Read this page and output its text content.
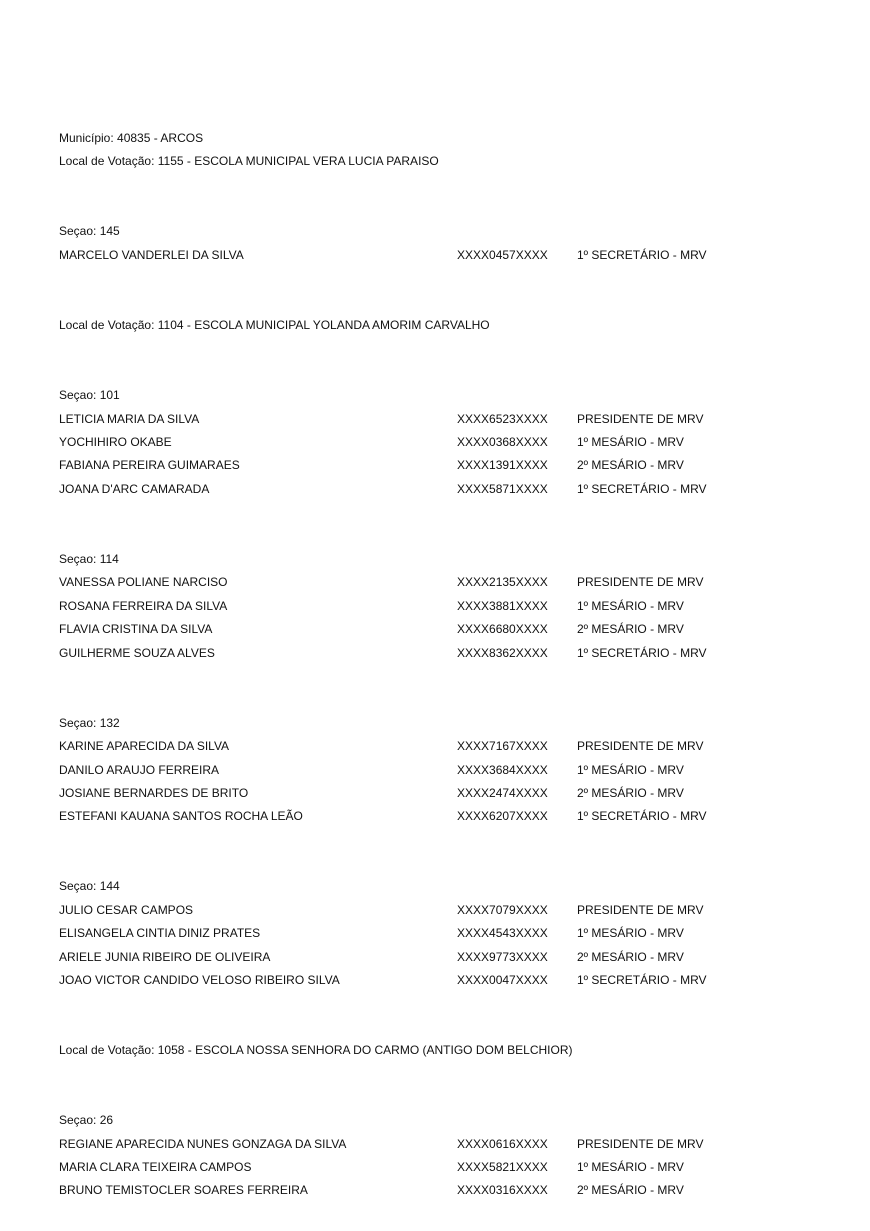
Município: 40835 - ARCOS
Local de Votação: 1155 - ESCOLA MUNICIPAL VERA LUCIA PARAISO
Seçao: 145
MARCELO VANDERLEI DA SILVA	XXXX0457XXXX 1º SECRETÁRIO - MRV
Local de Votação: 1104 - ESCOLA MUNICIPAL YOLANDA AMORIM CARVALHO
Seçao: 101
LETICIA MARIA DA SILVA	XXXX6523XXXX PRESIDENTE DE MRV
YOCHIHIRO OKABE	XXXX0368XXXX 1º MESÁRIO - MRV
FABIANA PEREIRA GUIMARAES	XXXX1391XXXX 2º MESÁRIO - MRV
JOANA D'ARC CAMARADA	XXXX5871XXXX 1º SECRETÁRIO - MRV
Seçao: 114
VANESSA POLIANE NARCISO	XXXX2135XXXX PRESIDENTE DE MRV
ROSANA FERREIRA DA SILVA	XXXX3881XXXX 1º MESÁRIO - MRV
FLAVIA CRISTINA DA SILVA	XXXX6680XXXX 2º MESÁRIO - MRV
GUILHERME SOUZA ALVES	XXXX8362XXXX 1º SECRETÁRIO - MRV
Seçao: 132
KARINE APARECIDA DA SILVA	XXXX7167XXXX PRESIDENTE DE MRV
DANILO ARAUJO FERREIRA	XXXX3684XXXX 1º MESÁRIO - MRV
JOSIANE BERNARDES DE BRITO	XXXX2474XXXX 2º MESÁRIO - MRV
ESTEFANI KAUANA SANTOS ROCHA LEÃO	XXXX6207XXXX 1º SECRETÁRIO - MRV
Seçao: 144
JULIO CESAR CAMPOS	XXXX7079XXXX PRESIDENTE DE MRV
ELISANGELA CINTIA DINIZ PRATES	XXXX4543XXXX 1º MESÁRIO - MRV
ARIELE JUNIA RIBEIRO DE OLIVEIRA	XXXX9773XXXX 2º MESÁRIO - MRV
JOAO VICTOR CANDIDO VELOSO RIBEIRO SILVA	XXXX0047XXXX 1º SECRETÁRIO - MRV
Local de Votação: 1058 - ESCOLA NOSSA SENHORA DO CARMO (ANTIGO DOM BELCHIOR)
Seçao: 26
REGIANE APARECIDA NUNES GONZAGA DA SILVA	XXXX0616XXXX PRESIDENTE DE MRV
MARIA CLARA TEIXEIRA CAMPOS	XXXX5821XXXX 1º MESÁRIO - MRV
BRUNO TEMISTOCLER SOARES FERREIRA	XXXX0316XXXX 2º MESÁRIO - MRV
